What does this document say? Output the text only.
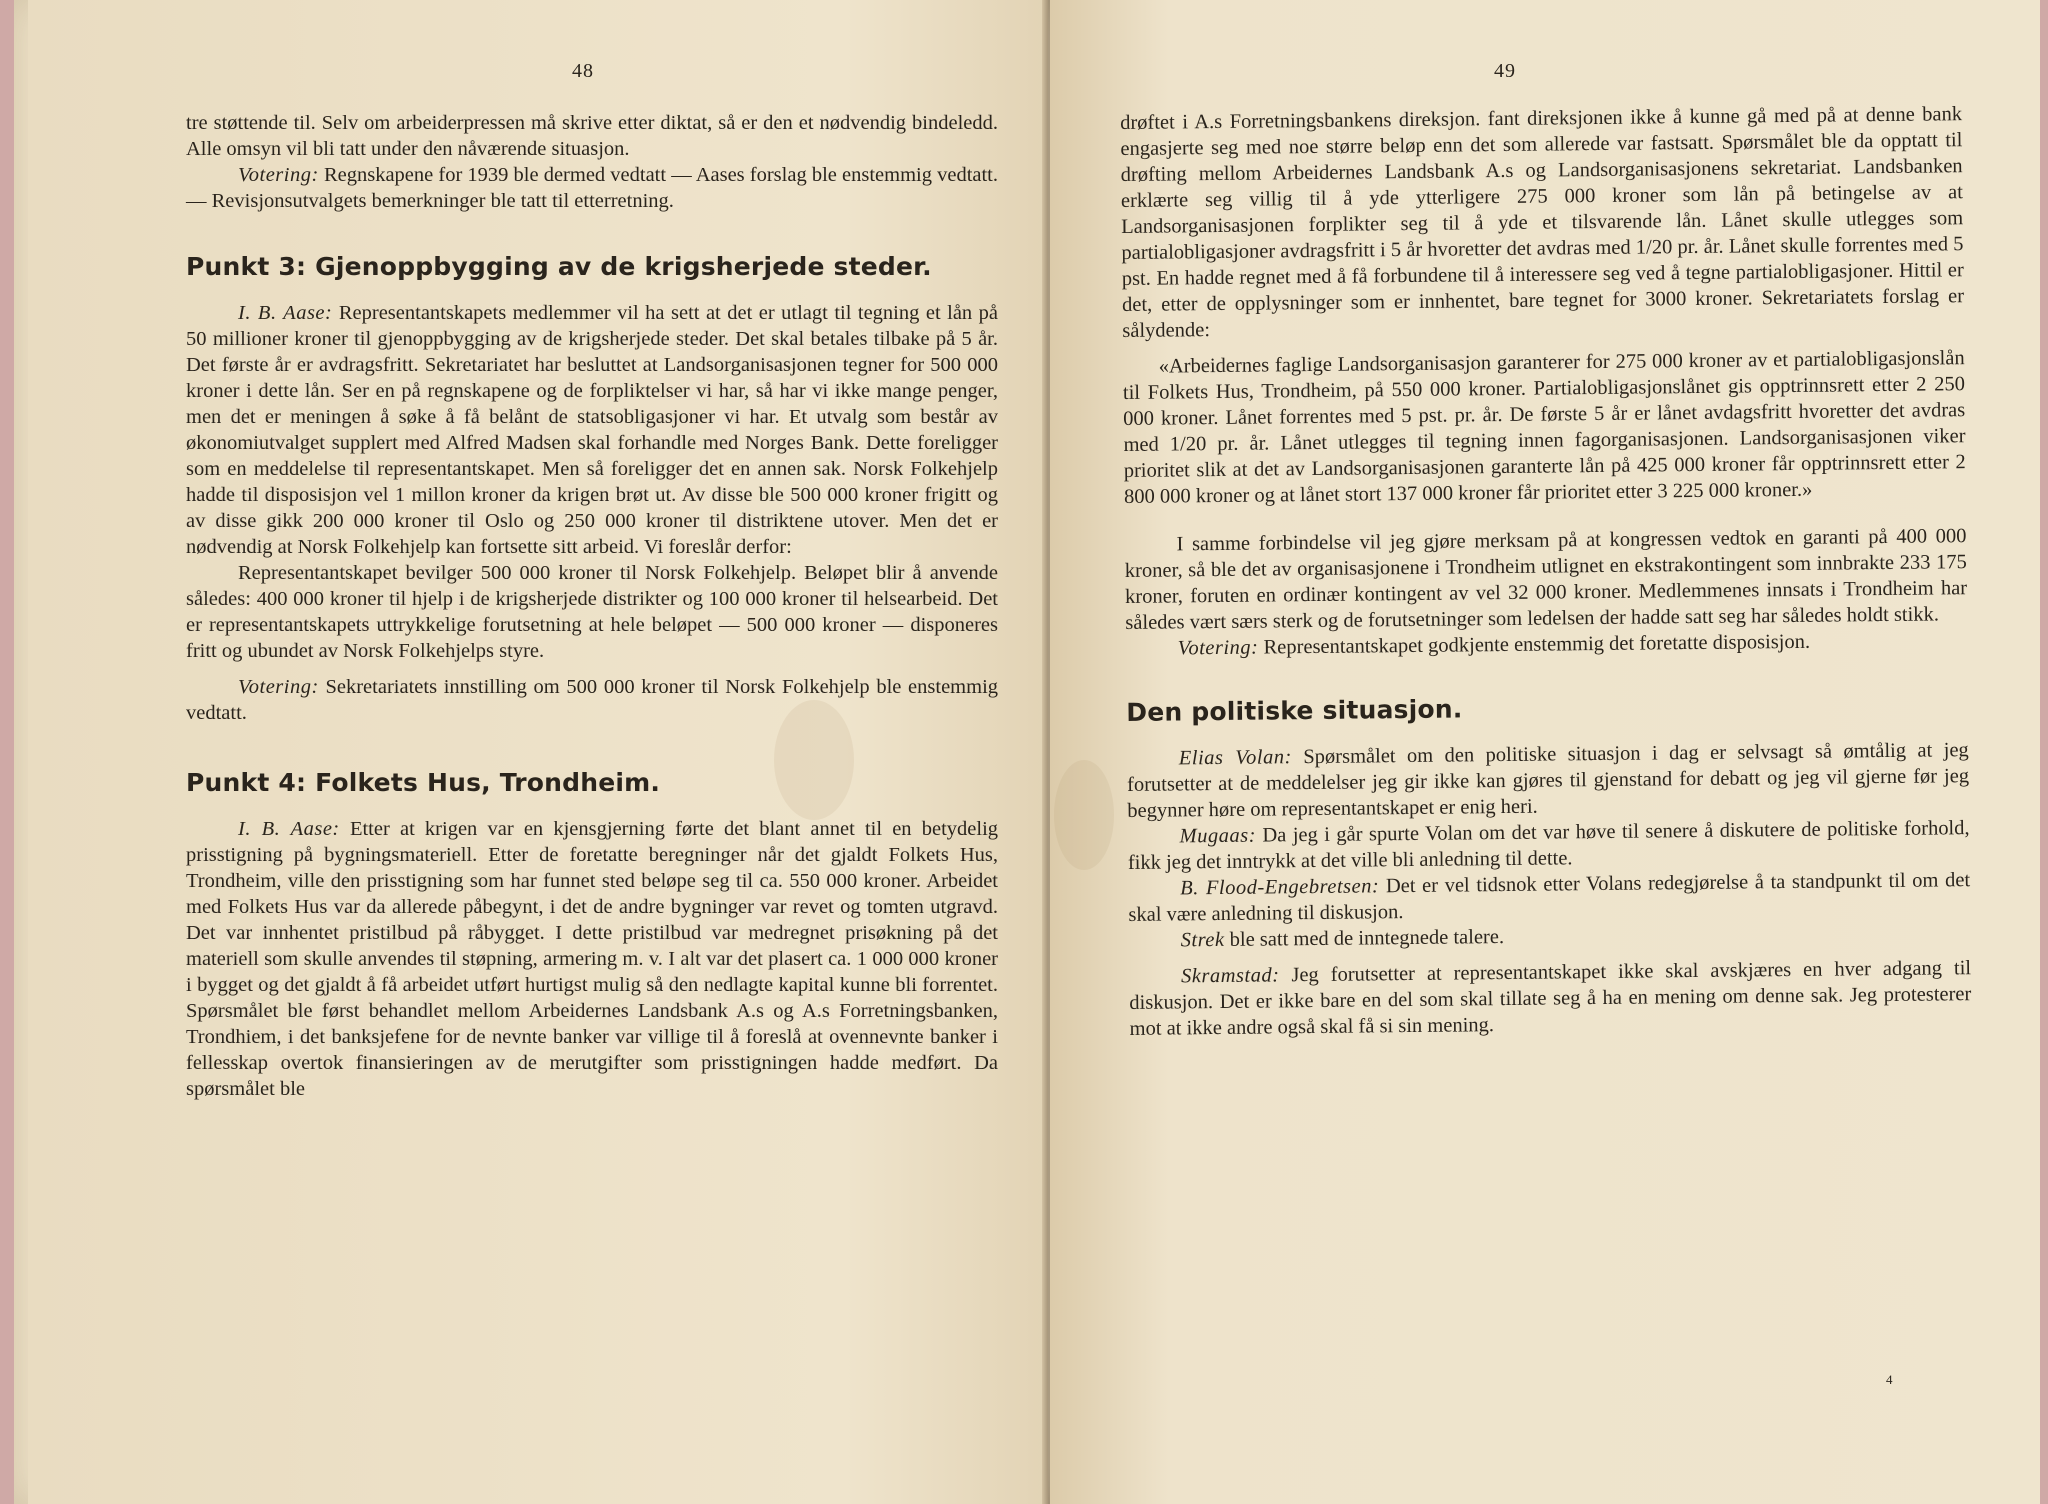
48

tre støttende til. Selv om arbeiderpressen må skrive etter diktat, så er den et nødvendig bindeledd. Alle omsyn vil bli tatt under den nåværende situasjon.

Votering: Regnskapene for 1939 ble dermed vedtatt — Aases forslag ble enstemmig vedtatt. — Revisjonsutvalgets bemerkninger ble tatt til etterretning.

Punkt 3: Gjenoppbygging av de krigsherjede steder.

I. B. Aase: Representantskapets medlemmer vil ha sett at det er utlagt til tegning et lån på 50 millioner kroner til gjenoppbygging av de krigsherjede steder. Det skal betales tilbake på 5 år. Det første år er avdragsfritt. Sekretariatet har besluttet at Landsorganisasjonen tegner for 500 000 kroner i dette lån. Ser en på regnskapene og de forpliktelser vi har, så har vi ikke mange penger, men det er meningen å søke å få belånt de statsobligasjoner vi har. Et utvalg som består av økonomiutvalget supplert med Alfred Madsen skal forhandle med Norges Bank. Dette foreligger som en meddelelse til representantskapet. Men så foreligger det en annen sak. Norsk Folkehjelp hadde til disposisjon vel 1 millon kroner da krigen brøt ut. Av disse ble 500 000 kroner frigitt og av disse gikk 200 000 kroner til Oslo og 250 000 kroner til distriktene utover. Men det er nødvendig at Norsk Folkehjelp kan fortsette sitt arbeid. Vi foreslår derfor:

Representantskapet bevilger 500 000 kroner til Norsk Folkehjelp. Beløpet blir å anvende således: 400 000 kroner til hjelp i de krigsherjede distrikter og 100 000 kroner til helsearbeid. Det er representantskapets uttrykkelige forutsetning at hele beløpet — 500 000 kroner — disponeres fritt og ubundet av Norsk Folkehjelps styre.

Votering: Sekretariatets innstilling om 500 000 kroner til Norsk Folkehjelp ble enstemmig vedtatt.

Punkt 4: Folkets Hus, Trondheim.

I. B. Aase: Etter at krigen var en kjensgjerning førte det blant annet til en betydelig prisstigning på bygningsmateriell. Etter de foretatte beregninger når det gjaldt Folkets Hus, Trondheim, ville den prisstigning som har funnet sted beløpe seg til ca. 550 000 kroner. Arbeidet med Folkets Hus var da allerede påbegynt, i det de andre bygninger var revet og tomten utgravd. Det var innhentet pristilbud på råbygget. I dette pristilbud var medregnet prisøkning på det materiell som skulle anvendes til støpning, armering m. v. I alt var det plasert ca. 1 000 000 kroner i bygget og det gjaldt å få arbeidet utført hurtigst mulig så den nedlagte kapital kunne bli forrentet. Spørsmålet ble først behandlet mellom Arbeidernes Landsbank A.s og A.s Forretningsbanken, Trondhiem, i det banksjefene for de nevnte banker var villige til å foreslå at ovennevnte banker i fellesskap overtok finansieringen av de merutgifter som prisstigningen hadde medført. Da spørsmålet ble

49

drøftet i A.s Forretningsbankens direksjon. fant direksjonen ikke å kunne gå med på at denne bank engasjerte seg med noe større beløp enn det som allerede var fastsatt. Spørsmålet ble da opptatt til drøfting mellom Arbeidernes Landsbank A.s og Landsorganisasjonens sekretariat. Landsbanken erklærte seg villig til å yde ytterligere 275 000 kroner som lån på betingelse av at Landsorganisasjonen forplikter seg til å yde et tilsvarende lån. Lånet skulle utlegges som partialobligasjoner avdragsfritt i 5 år hvoretter det avdras med 1/20 pr. år. Lånet skulle forrentes med 5 pst. En hadde regnet med å få forbundene til å interessere seg ved å tegne partialobligasjoner. Hittil er det, etter de opplysninger som er innhentet, bare tegnet for 3000 kroner. Sekretariatets forslag er sålydende:

«Arbeidernes faglige Landsorganisasjon garanterer for 275 000 kroner av et partialobligasjonslån til Folkets Hus, Trondheim, på 550 000 kroner. Partialobligasjonslånet gis opptrinnsrett etter 2 250 000 kroner. Lånet forrentes med 5 pst. pr. år. De første 5 år er lånet avdagsfritt hvoretter det avdras med 1/20 pr. år. Lånet utlegges til tegning innen fagorganisasjonen. Landsorganisasjonen viker prioritet slik at det av Landsorganisasjonen garanterte lån på 425 000 kroner får opptrinnsrett etter 2 800 000 kroner og at lånet stort 137 000 kroner får prioritet etter 3 225 000 kroner.»

I samme forbindelse vil jeg gjøre merksam på at kongressen vedtok en garanti på 400 000 kroner, så ble det av organisasjonene i Trondheim utlignet en ekstrakontingent som innbrakte 233 175 kroner, foruten en ordinær kontingent av vel 32 000 kroner. Medlemmenes innsats i Trondheim har således vært særs sterk og de forutsetninger som ledelsen der hadde satt seg har således holdt stikk.

Votering: Representantskapet godkjente enstemmig det foretatte disposisjon.

Den politiske situasjon.

Elias Volan: Spørsmålet om den politiske situasjon i dag er selvsagt så ømtålig at jeg forutsetter at de meddelelser jeg gir ikke kan gjøres til gjenstand for debatt og jeg vil gjerne før jeg begynner høre om representantskapet er enig heri.

Mugaas: Da jeg i går spurte Volan om det var høve til senere å diskutere de politiske forhold, fikk jeg det inntrykk at det ville bli anledning til dette.

B. Flood-Engebretsen: Det er vel tidsnok etter Volans redegjørelse å ta standpunkt til om det skal være anledning til diskusjon.

Strek ble satt med de inntegnede talere.

Skramstad: Jeg forutsetter at representantskapet ikke skal avskjæres en hver adgang til diskusjon. Det er ikke bare en del som skal tillate seg å ha en mening om denne sak. Jeg protesterer mot at ikke andre også skal få si sin mening.

4
